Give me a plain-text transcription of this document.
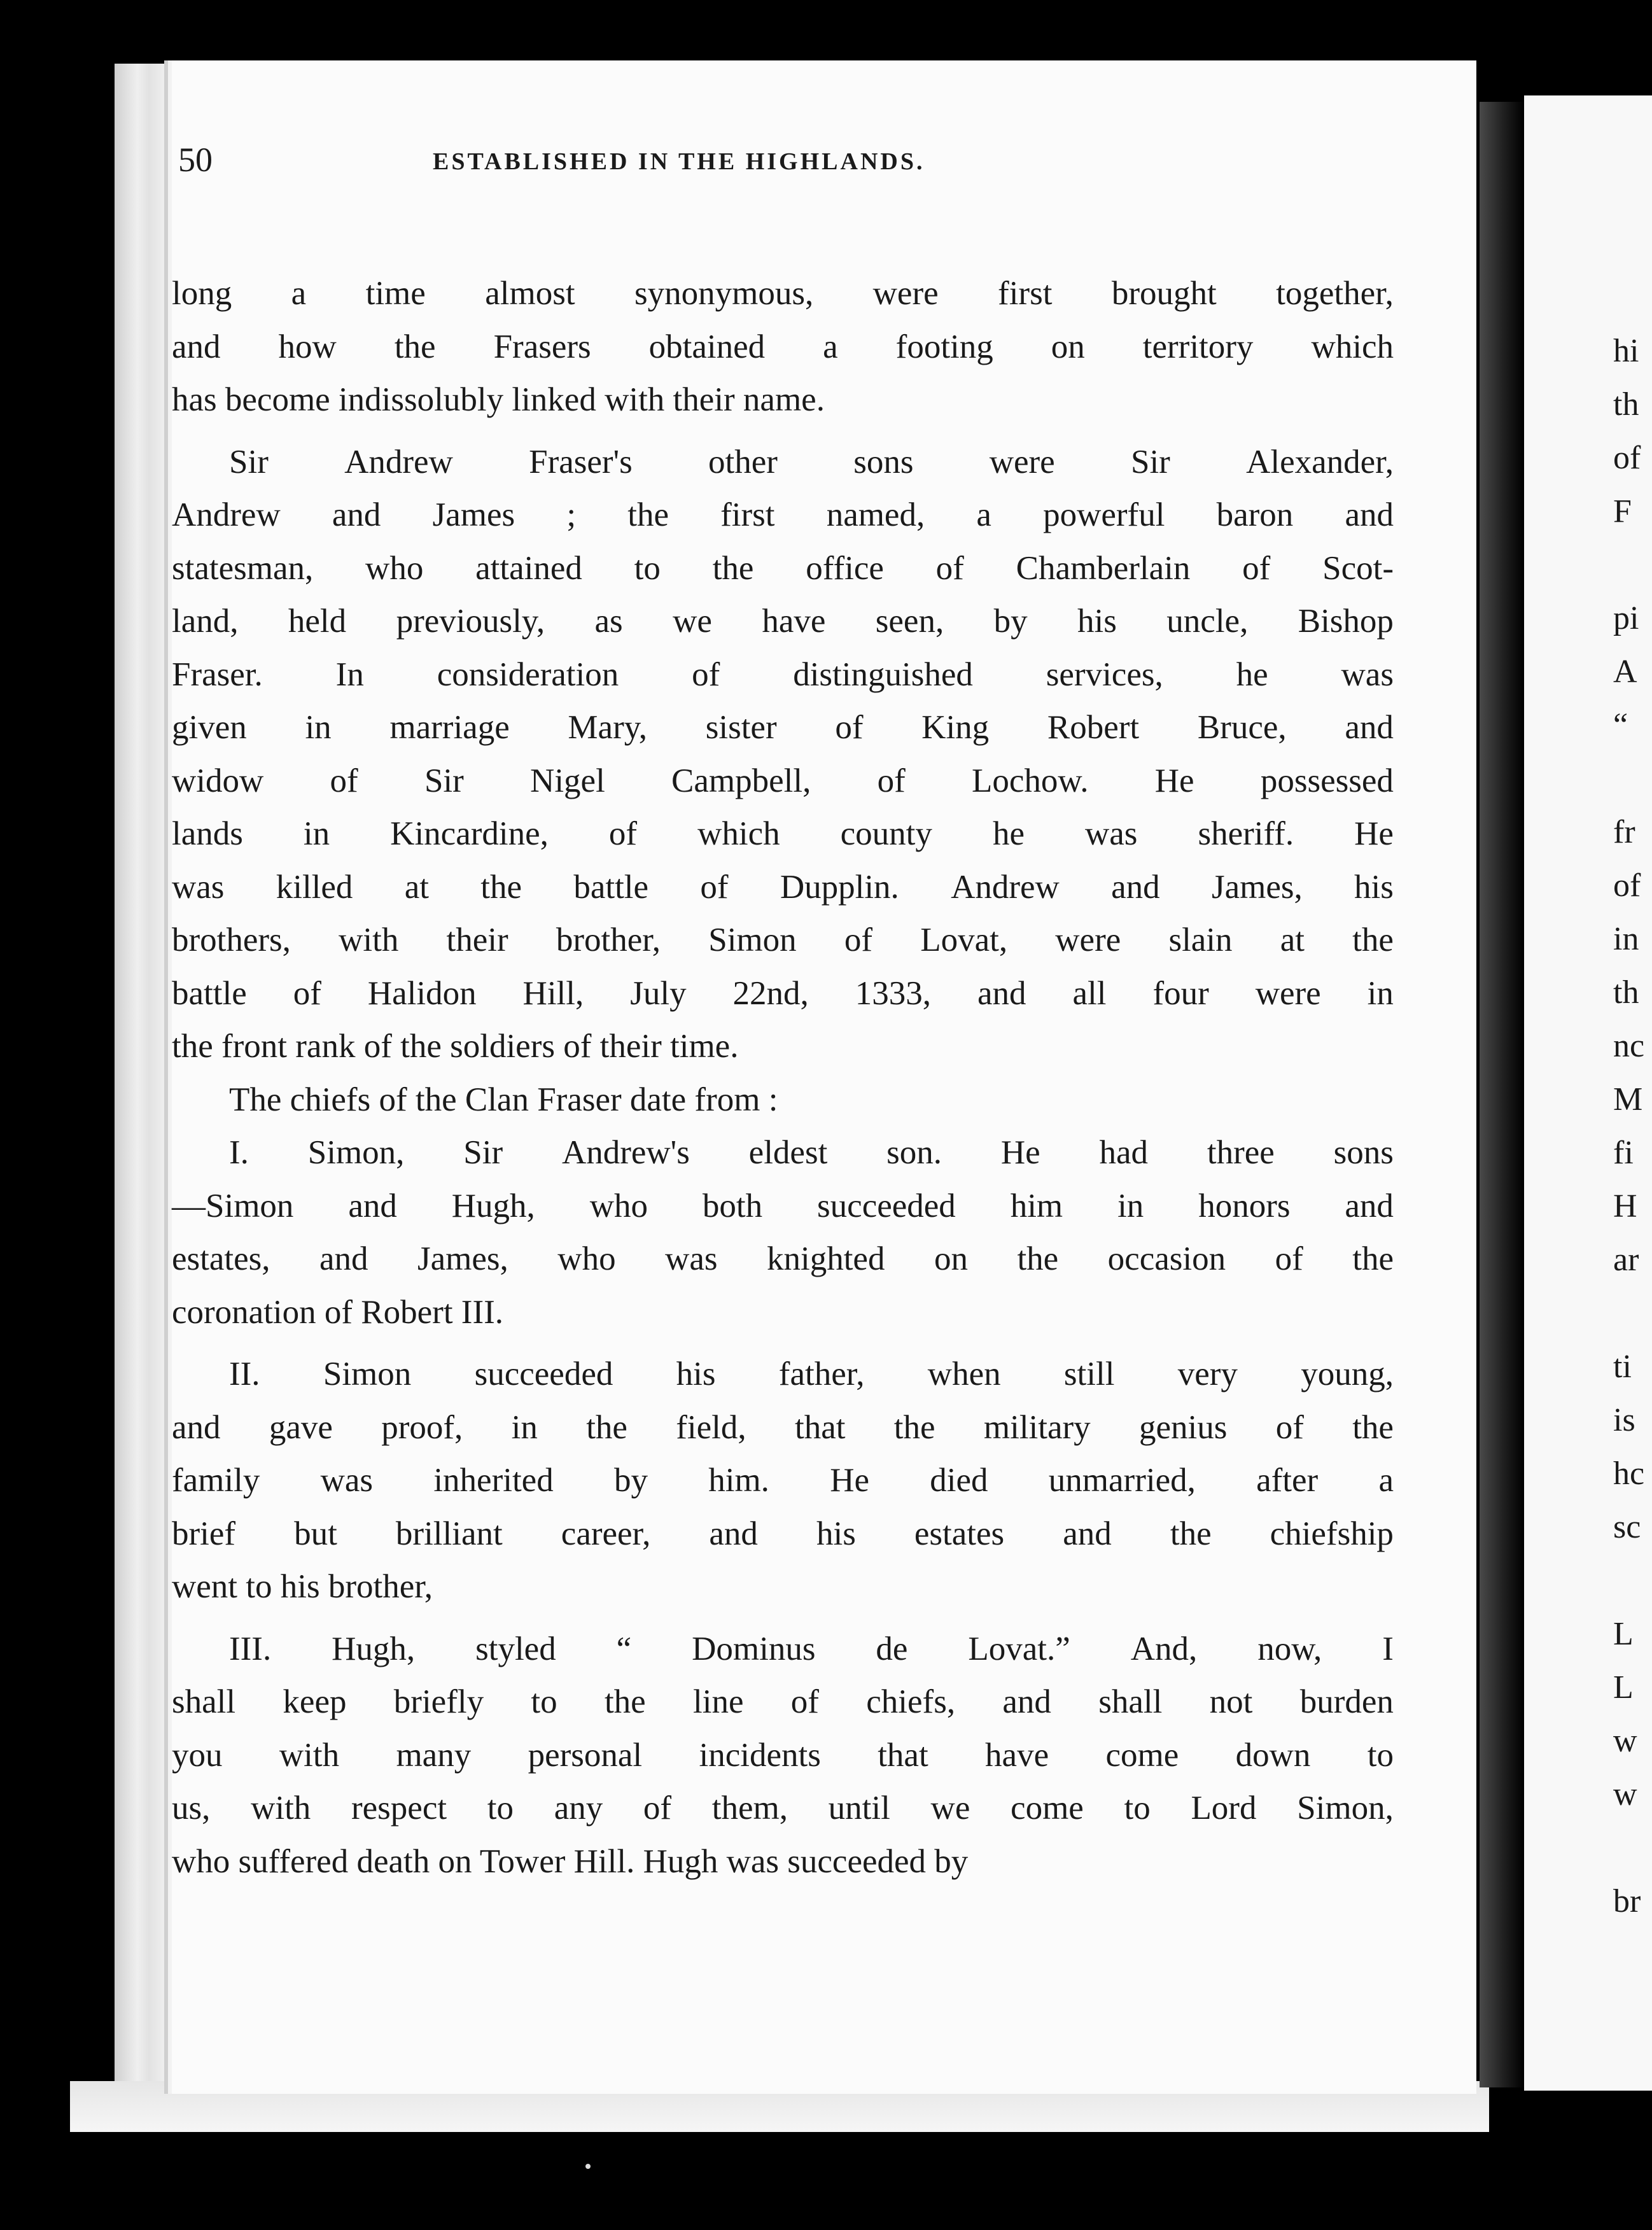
50	ESTABLISHED IN THE HIGHLANDS.
long a time almost synonymous, were first brought together,
and how the Frasers obtained a footing on territory which
has become indissolubly linked with their name.
Sir Andrew Fraser's other sons were Sir Alexander,
Andrew and James ; the first named, a powerful baron and
statesman, who attained to the office of Chamberlain of Scot-
land, held previously, as we have seen, by his uncle, Bishop
Fraser. In consideration of distinguished services, he was
given in marriage Mary, sister of King Robert Bruce, and
widow of Sir Nigel Campbell, of Lochow. He possessed
lands in Kincardine, of which county he was sheriff. He
was killed at the battle of Dupplin. Andrew and James, his
brothers, with their brother, Simon of Lovat, were slain at the
battle of Halidon Hill, July 22nd, 1333, and all four were in
the front rank of the soldiers of their time.
The chiefs of the Clan Fraser date from :
I. Simon, Sir Andrew's eldest son. He had three sons
—Simon and Hugh, who both succeeded him in honors and
estates, and James, who was knighted on the occasion of the
coronation of Robert III.
II. Simon succeeded his father, when still very young,
and gave proof, in the field, that the military genius of the
family was inherited by him. He died unmarried, after a
brief but brilliant career, and his estates and the chiefship
went to his brother,
III. Hugh, styled “ Dominus de Lovat.” And, now, I
shall keep briefly to the line of chiefs, and shall not burden
you with many personal incidents that have come down to
us, with respect to any of them, until we come to Lord Simon,
who suffered death on Tower Hill. Hugh was succeeded by
hi
th
of
F
pi
A
“
fr
of
in
th
nc
M
fi
H
ar
ti
is
hc
sc
L
L
w
w
br
